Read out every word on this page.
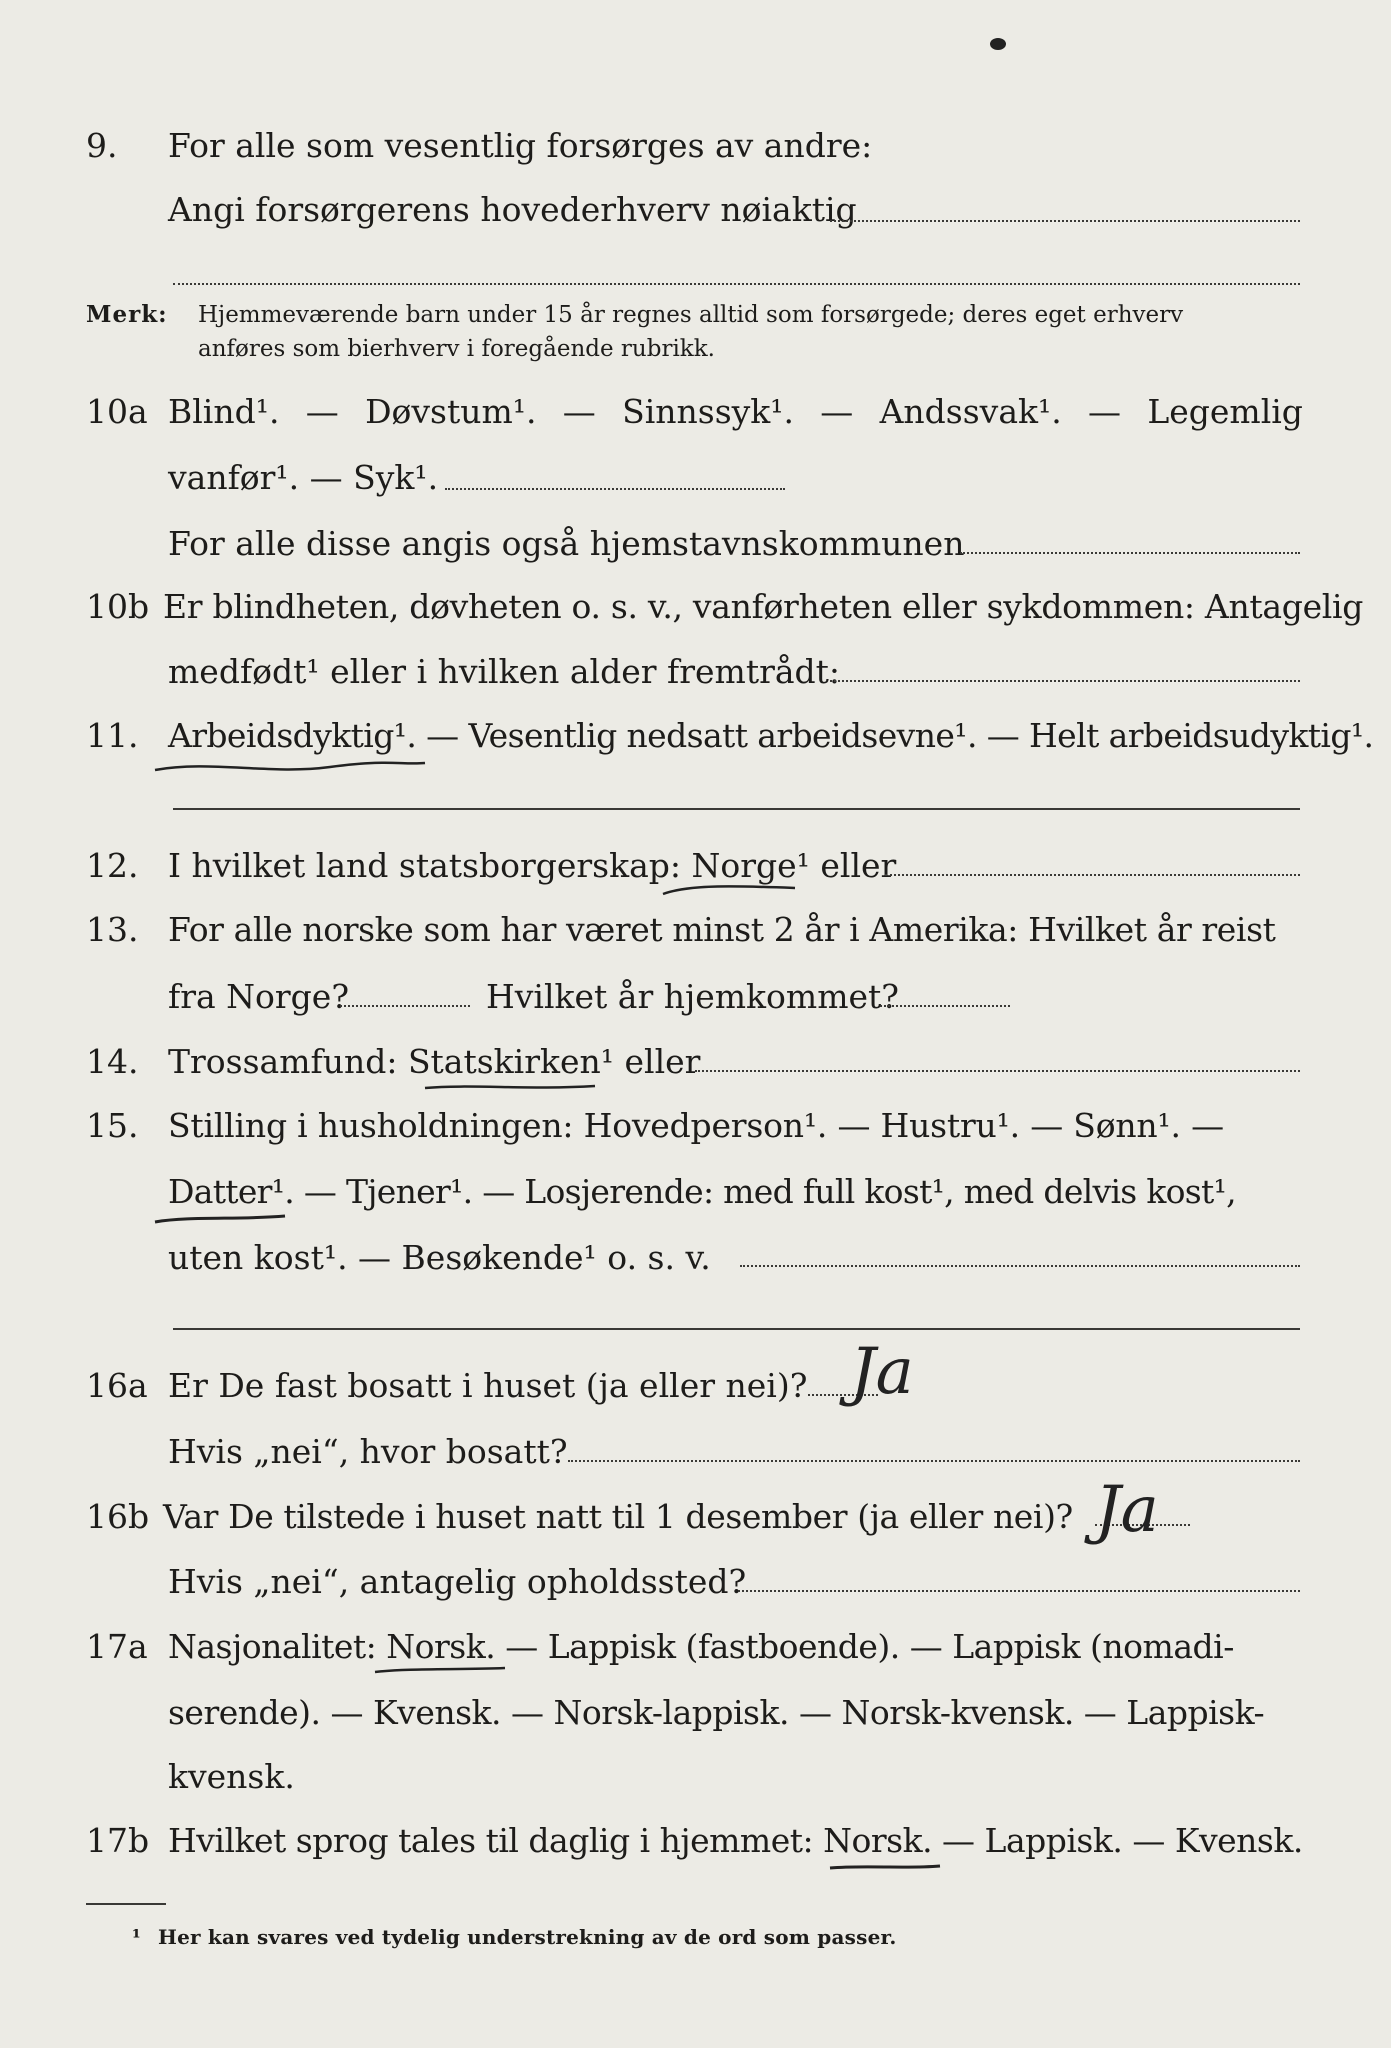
9. For alle som vesentlig forsørges av andre:
Angi forsørgerens hovederhverv nøiaktig
Merk: Hjemmeværende barn under 15 år regnes alltid som forsørgede; deres eget erhverv
anføres som bierhverv i foregående rubrikk.
10a Blind¹. — Døvstum¹. — Sinnssyk¹. — Andssvak¹. — Legemlig
vanfør¹. — Syk¹.
For alle disse angis også hjemstavnskommunen
10b Er blindheten, døvheten o. s. v., vanførheten eller sykdommen: Antagelig
medfødt¹ eller i hvilken alder fremtrådt:
11. Arbeidsdyktig¹. — Vesentlig nedsatt arbeidsevne¹. — Helt arbeidsudyktig¹.
12. I hvilket land statsborgerskap: Norge¹ eller
13. For alle norske som har været minst 2 år i Amerika: Hvilket år reist
fra Norge?	Hvilket år hjemkommet?
14. Trossamfund: Statskirken¹ eller
15. Stilling i husholdningen: Hovedperson¹. — Hustru¹. — Sønn¹. —
Datter¹. — Tjener¹. — Losjerende: med full kost¹, med delvis kost¹,
uten kost¹. — Besøkende¹ o. s. v.
16a Er De fast bosatt i huset (ja eller nei)? Ja
Hvis „nei“, hvor bosatt?
16b Var De tilstede i huset natt til 1 desember (ja eller nei)? Ja
Hvis „nei“, antagelig opholdssted?
17a Nasjonalitet: Norsk. — Lappisk (fastboende). — Lappisk (nomadi-
serende). — Kvensk. — Norsk-lappisk. — Norsk-kvensk. — Lappisk-
kvensk.
17b Hvilket sprog tales til daglig i hjemmet: Norsk. — Lappisk. — Kvensk.
¹ Her kan svares ved tydelig understrekning av de ord som passer.
